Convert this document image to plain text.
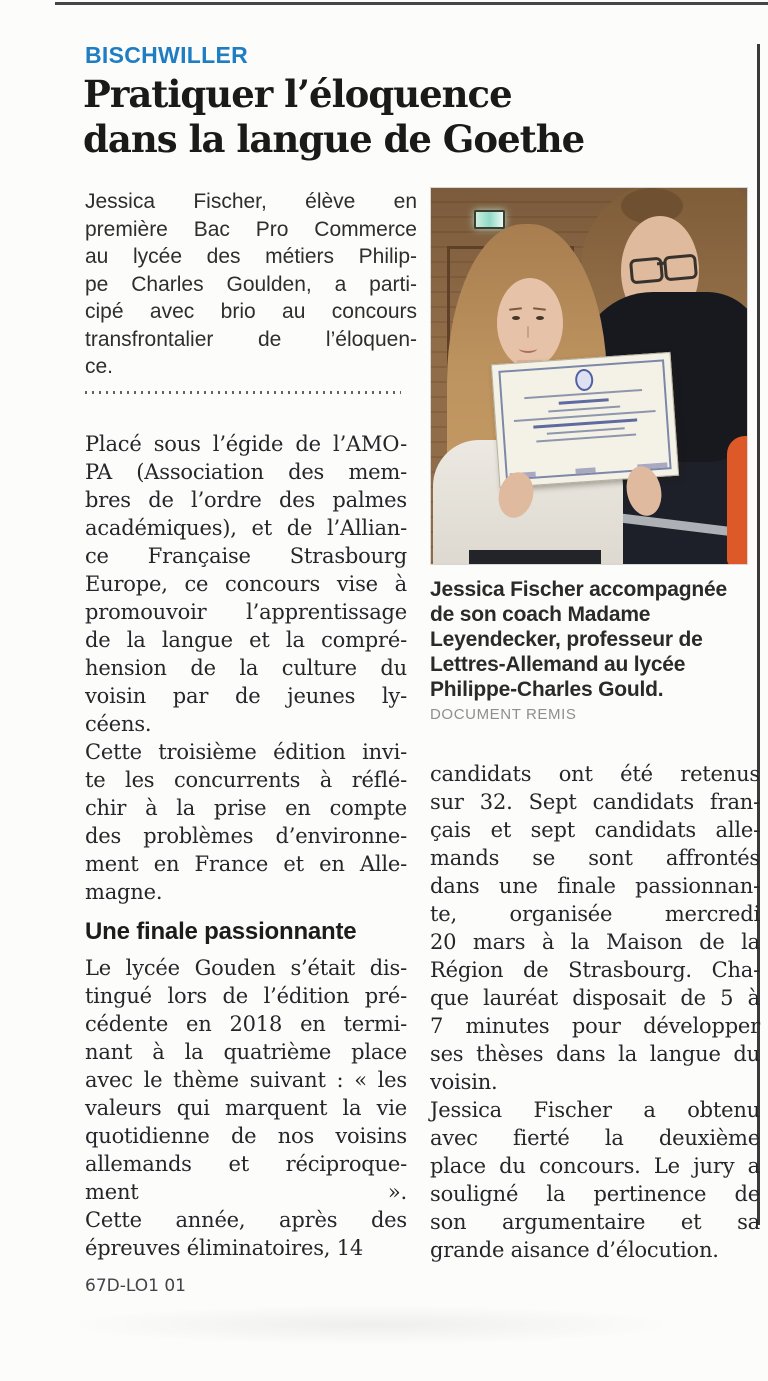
BISCHWILLER
Pratiquer l’éloquence
dans la langue de Goethe
Jessica Fischer, élève en
première Bac Pro Commerce
au lycée des métiers Philip-
pe Charles Goulden, a parti-
cipé avec brio au concours
transfrontalier de l’éloquen-
ce.
Placé sous l’égide de l’AMO-
PA (Association des mem-
bres de l’ordre des palmes
académiques), et de l’Allian-
ce Française Strasbourg
Europe, ce concours vise à
promouvoir l’apprentissage
de la langue et la compré-
hension de la culture du
voisin par de jeunes ly-
céens.
Cette troisième édition invi-
te les concurrents à réflé-
chir à la prise en compte
des problèmes d’environne-
ment en France et en Alle-
magne.
Une finale passionnante
Le lycée Gouden s’était dis-
tingué lors de l’édition pré-
cédente en 2018 en termi-
nant à la quatrième place
avec le thème suivant : « les
valeurs qui marquent la vie
quotidienne de nos voisins
allemands et réciproque-
ment ».
Cette année, après des
épreuves éliminatoires, 14
Jessica Fischer accompagnée
de son coach Madame
Leyendecker, professeur de
Lettres-Allemand au lycée
Philippe-Charles Gould.
DOCUMENT REMIS
candidats ont été retenus
sur 32. Sept candidats fran-
çais et sept candidats alle-
mands se sont affrontés
dans une finale passionnan-
te, organisée mercredi
20 mars à la Maison de la
Région de Strasbourg. Cha-
que lauréat disposait de 5 à
7 minutes pour développer
ses thèses dans la langue du
voisin.
Jessica Fischer a obtenu
avec fierté la deuxième
place du concours. Le jury a
souligné la pertinence de
son argumentaire et sa
grande aisance d’élocution.
67D-LO1 01
